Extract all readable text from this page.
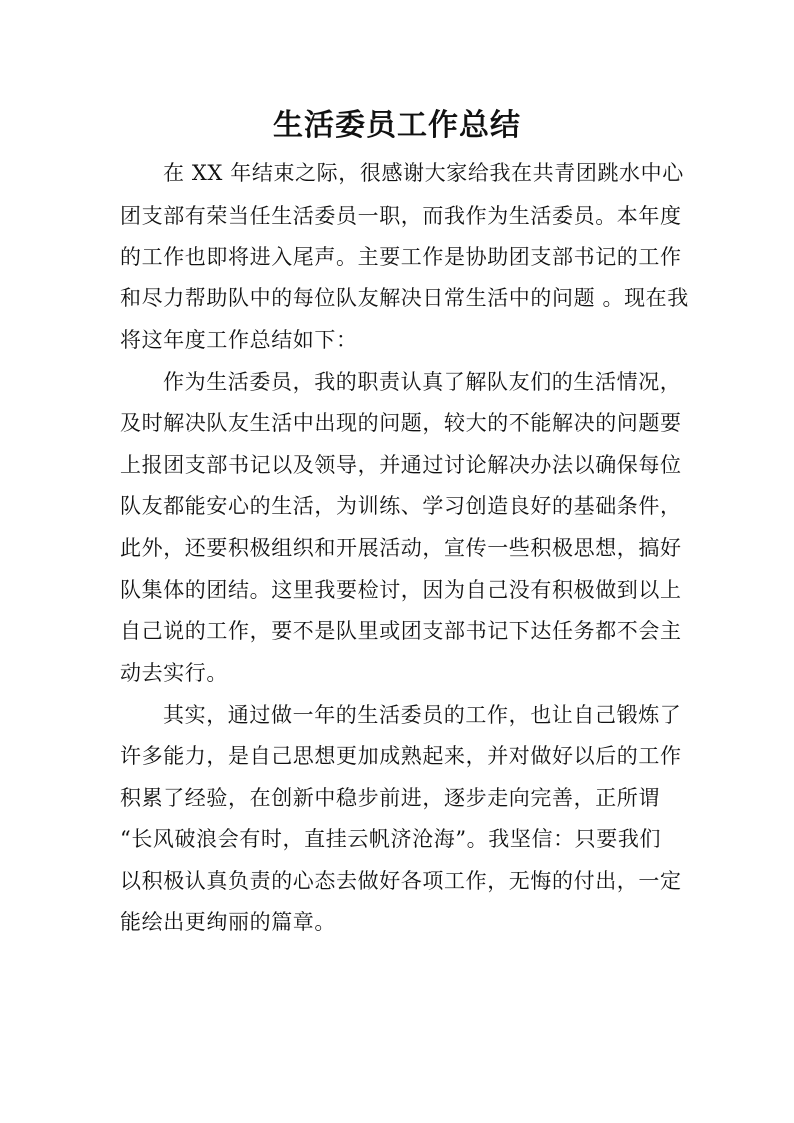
生活委员工作总结
在 XX 年结束之际，很感谢大家给我在共青团跳水中心
团支部有荣当任生活委员一职，而我作为生活委员。本年度
的工作也即将进入尾声。主要工作是协助团支部书记的工作
和尽力帮助队中的每位队友解决日常生活中的问题 。现在我
将这年度工作总结如下：
作为生活委员，我的职责认真了解队友们的生活情况，
及时解决队友生活中出现的问题，较大的不能解决的问题要
上报团支部书记以及领导，并通过讨论解决办法以确保每位
队友都能安心的生活，为训练、学习创造良好的基础条件，
此外，还要积极组织和开展活动，宣传一些积极思想，搞好
队集体的团结。这里我要检讨，因为自己没有积极做到以上
自己说的工作，要不是队里或团支部书记下达任务都不会主
动去实行。
其实，通过做一年的生活委员的工作，也让自己锻炼了
许多能力，是自己思想更加成熟起来，并对做好以后的工作
积累了经验，在创新中稳步前进，逐步走向完善，正所谓
“长风破浪会有时，直挂云帆济沧海”。我坚信：只要我们
以积极认真负责的心态去做好各项工作，无悔的付出，一定
能绘出更绚丽的篇章。
